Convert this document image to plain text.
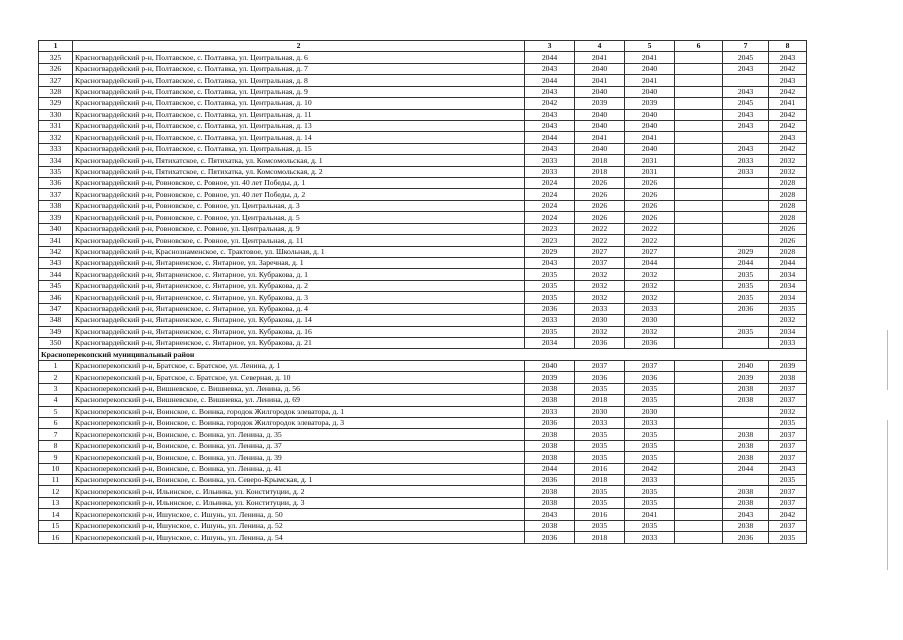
1	2	3	4	5	6	7	8
325	Красногвардейский р-н, Полтавское, с. Полтавка, ул. Центральная, д. 6	2044	2041	2041		2045	2043
326	Красногвардейский р-н, Полтавское, с. Полтавка, ул. Центральная, д. 7	2043	2040	2040		2043	2042
327	Красногвардейский р-н, Полтавское, с. Полтавка, ул. Центральная, д. 8	2044	2041	2041			2043
328	Красногвардейский р-н, Полтавское, с. Полтавка, ул. Центральная, д. 9	2043	2040	2040		2043	2042
329	Красногвардейский р-н, Полтавское, с. Полтавка, ул. Центральная, д. 10	2042	2039	2039		2045	2041
330	Красногвардейский р-н, Полтавское, с. Полтавка, ул. Центральная, д. 11	2043	2040	2040		2043	2042
331	Красногвардейский р-н, Полтавское, с. Полтавка, ул. Центральная, д. 13	2043	2040	2040		2043	2042
332	Красногвардейский р-н, Полтавское, с. Полтавка, ул. Центральная, д. 14	2044	2041	2041			2043
333	Красногвардейский р-н, Полтавское, с. Полтавка, ул. Центральная, д. 15	2043	2040	2040		2043	2042
334	Красногвардейский р-н, Пятихатское, с. Пятихатка, ул. Комсомольская, д. 1	2033	2018	2031		2033	2032
335	Красногвардейский р-н, Пятихатское, с. Пятихатка, ул. Комсомольская, д. 2	2033	2018	2031		2033	2032
336	Красногвардейский р-н, Ровновское, с. Ровное, ул. 40 лет Победы, д. 1	2024	2026	2026			2028
337	Красногвардейский р-н, Ровновское, с. Ровное, ул. 40 лет Победы, д. 2	2024	2026	2026			2028
338	Красногвардейский р-н, Ровновское, с. Ровное, ул. Центральная, д. 3	2024	2026	2026			2028
339	Красногвардейский р-н, Ровновское, с. Ровное, ул. Центральная, д. 5	2024	2026	2026			2028
340	Красногвардейский р-н, Ровновское, с. Ровное, ул. Центральная, д. 9	2023	2022	2022			2026
341	Красногвардейский р-н, Ровновское, с. Ровное, ул. Центральная, д. 11	2023	2022	2022			2026
342	Красногвардейский р-н, Краснознаменское, с. Трактовое, ул. Школьная, д. 1	2029	2027	2027		2029	2028
343	Красногвардейский р-н, Янтарненское, с. Янтарное, ул. Заречная, д. 1	2043	2037	2044		2044	2044
344	Красногвардейский р-н, Янтарненское, с. Янтарное, ул. Кубракова, д. 1	2035	2032	2032		2035	2034
345	Красногвардейский р-н, Янтарненское, с. Янтарное, ул. Кубракова, д. 2	2035	2032	2032		2035	2034
346	Красногвардейский р-н, Янтарненское, с. Янтарное, ул. Кубракова, д. 3	2035	2032	2032		2035	2034
347	Красногвардейский р-н, Янтарненское, с. Янтарное, ул. Кубракова, д. 4	2036	2033	2033		2036	2035
348	Красногвардейский р-н, Янтарненское, с. Янтарное, ул. Кубракова, д. 14	2033	2030	2030			2032
349	Красногвардейский р-н, Янтарненское, с. Янтарное, ул. Кубракова, д. 16	2035	2032	2032		2035	2034
350	Красногвардейский р-н, Янтарненское, с. Янтарное, ул. Кубракова, д. 21	2034	2036	2036			2033
Красноперекопский муниципальный район							
1	Красноперекопский р-н, Братское, с. Братское, ул. Ленина, д. 1	2040	2037	2037		2040	2039
2	Красноперекопский р-н, Братское, с. Братское, ул. Северная, д. 10	2039	2036	2036		2039	2038
3	Красноперекопский р-н, Вишневское, с. Вишневка, ул. Ленина, д. 56	2038	2035	2035		2038	2037
4	Красноперекопский р-н, Вишневское, с. Вишневка, ул. Ленина, д. 69	2038	2018	2035		2038	2037
5	Красноперекопский р-н, Воинское, с. Воинка, городок Жилгородок элеватора, д. 1	2033	2030	2030			2032
6	Красноперекопский р-н, Воинское, с. Воинка, городок Жилгородок элеватора, д. 3	2036	2033	2033			2035
7	Красноперекопский р-н, Воинское, с. Воинка, ул. Ленина, д. 35	2038	2035	2035		2038	2037
8	Красноперекопский р-н, Воинское, с. Воинка, ул. Ленина, д. 37	2038	2035	2035		2038	2037
9	Красноперекопский р-н, Воинское, с. Воинка, ул. Ленина, д. 39	2038	2035	2035		2038	2037
10	Красноперекопский р-н, Воинское, с. Воинка, ул. Ленина, д. 41	2044	2016	2042		2044	2043
11	Красноперекопский р-н, Воинское, с. Воинка, ул. Северо-Крымская, д. 1	2036	2018	2033			2035
12	Красноперекопский р-н, Ильинское, с. Ильинка, ул. Конституции, д. 2	2038	2035	2035		2038	2037
13	Красноперекопский р-н, Ильинское, с. Ильинка, ул. Конституции, д. 3	2038	2035	2035		2038	2037
14	Красноперекопский р-н, Ишунское, с. Ишунь, ул. Ленина, д. 50	2043	2016	2041		2043	2042
15	Красноперекопский р-н, Ишунское, с. Ишунь, ул. Ленина, д. 52	2038	2035	2035		2038	2037
16	Красноперекопский р-н, Ишунское, с. Ишунь, ул. Ленина, д. 54	2036	2018	2033		2036	2035
